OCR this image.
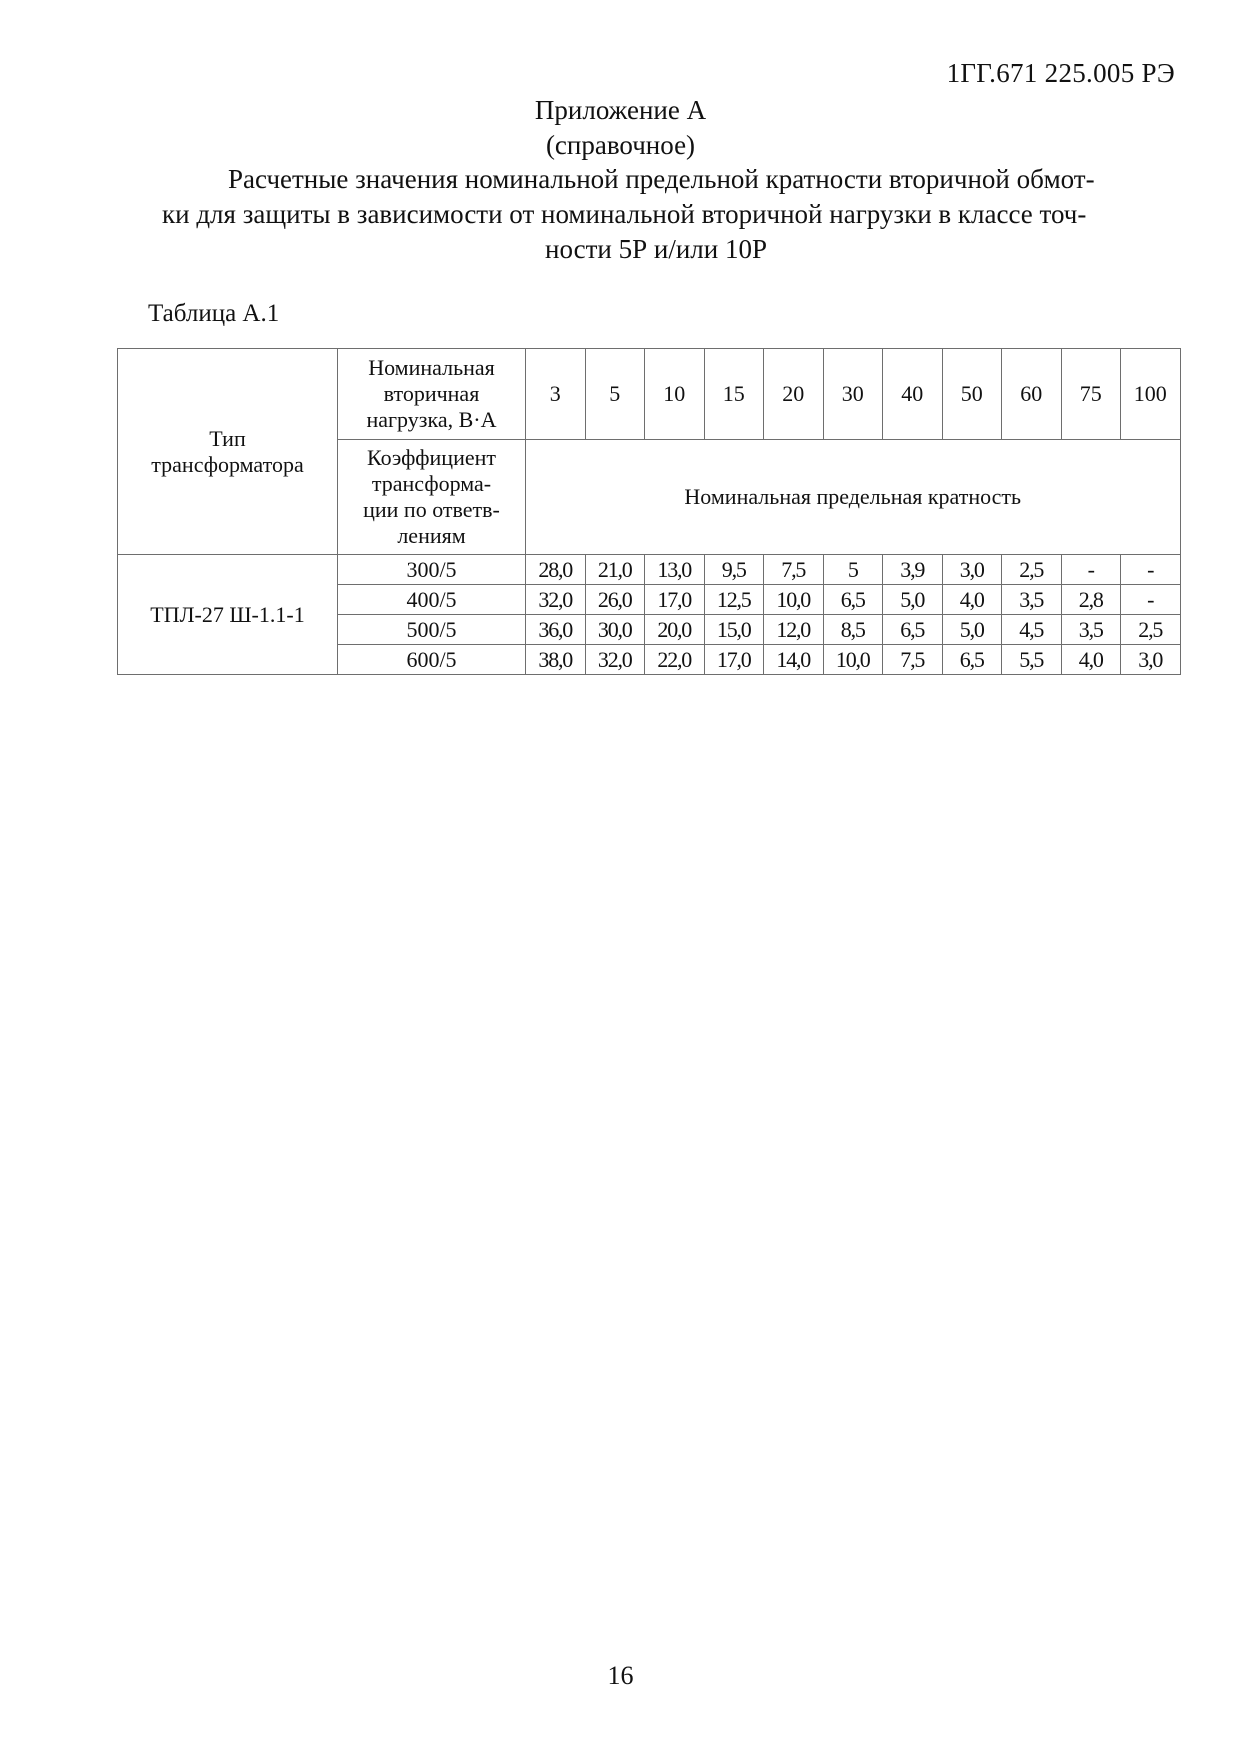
1ГГ.671 225.005 РЭ
Приложение А
(справочное)
Расчетные значения номинальной предельной кратности вторичной обмот-
ки для защиты в зависимости от номинальной вторичной нагрузки в классе точ-
ности 5Р и/или 10Р
Таблица А.1
Тип трансформатора	Номинальная вторичная нагрузка, В·А	3	5	10	15	20	30	40	50	60	75	100
	Коэффициент трансформа- ции по ответв- лениям	Номинальная предельная кратность										
ТПЛ-27 Ш-1.1-1	300/5	28,0	21,0	13,0	9,5	7,5	5	3,9	3,0	2,5	-	-
	400/5	32,0	26,0	17,0	12,5	10,0	6,5	5,0	4,0	3,5	2,8	-
	500/5	36,0	30,0	20,0	15,0	12,0	8,5	6,5	5,0	4,5	3,5	2,5
	600/5	38,0	32,0	22,0	17,0	14,0	10,0	7,5	6,5	5,5	4,0	3,0
16
